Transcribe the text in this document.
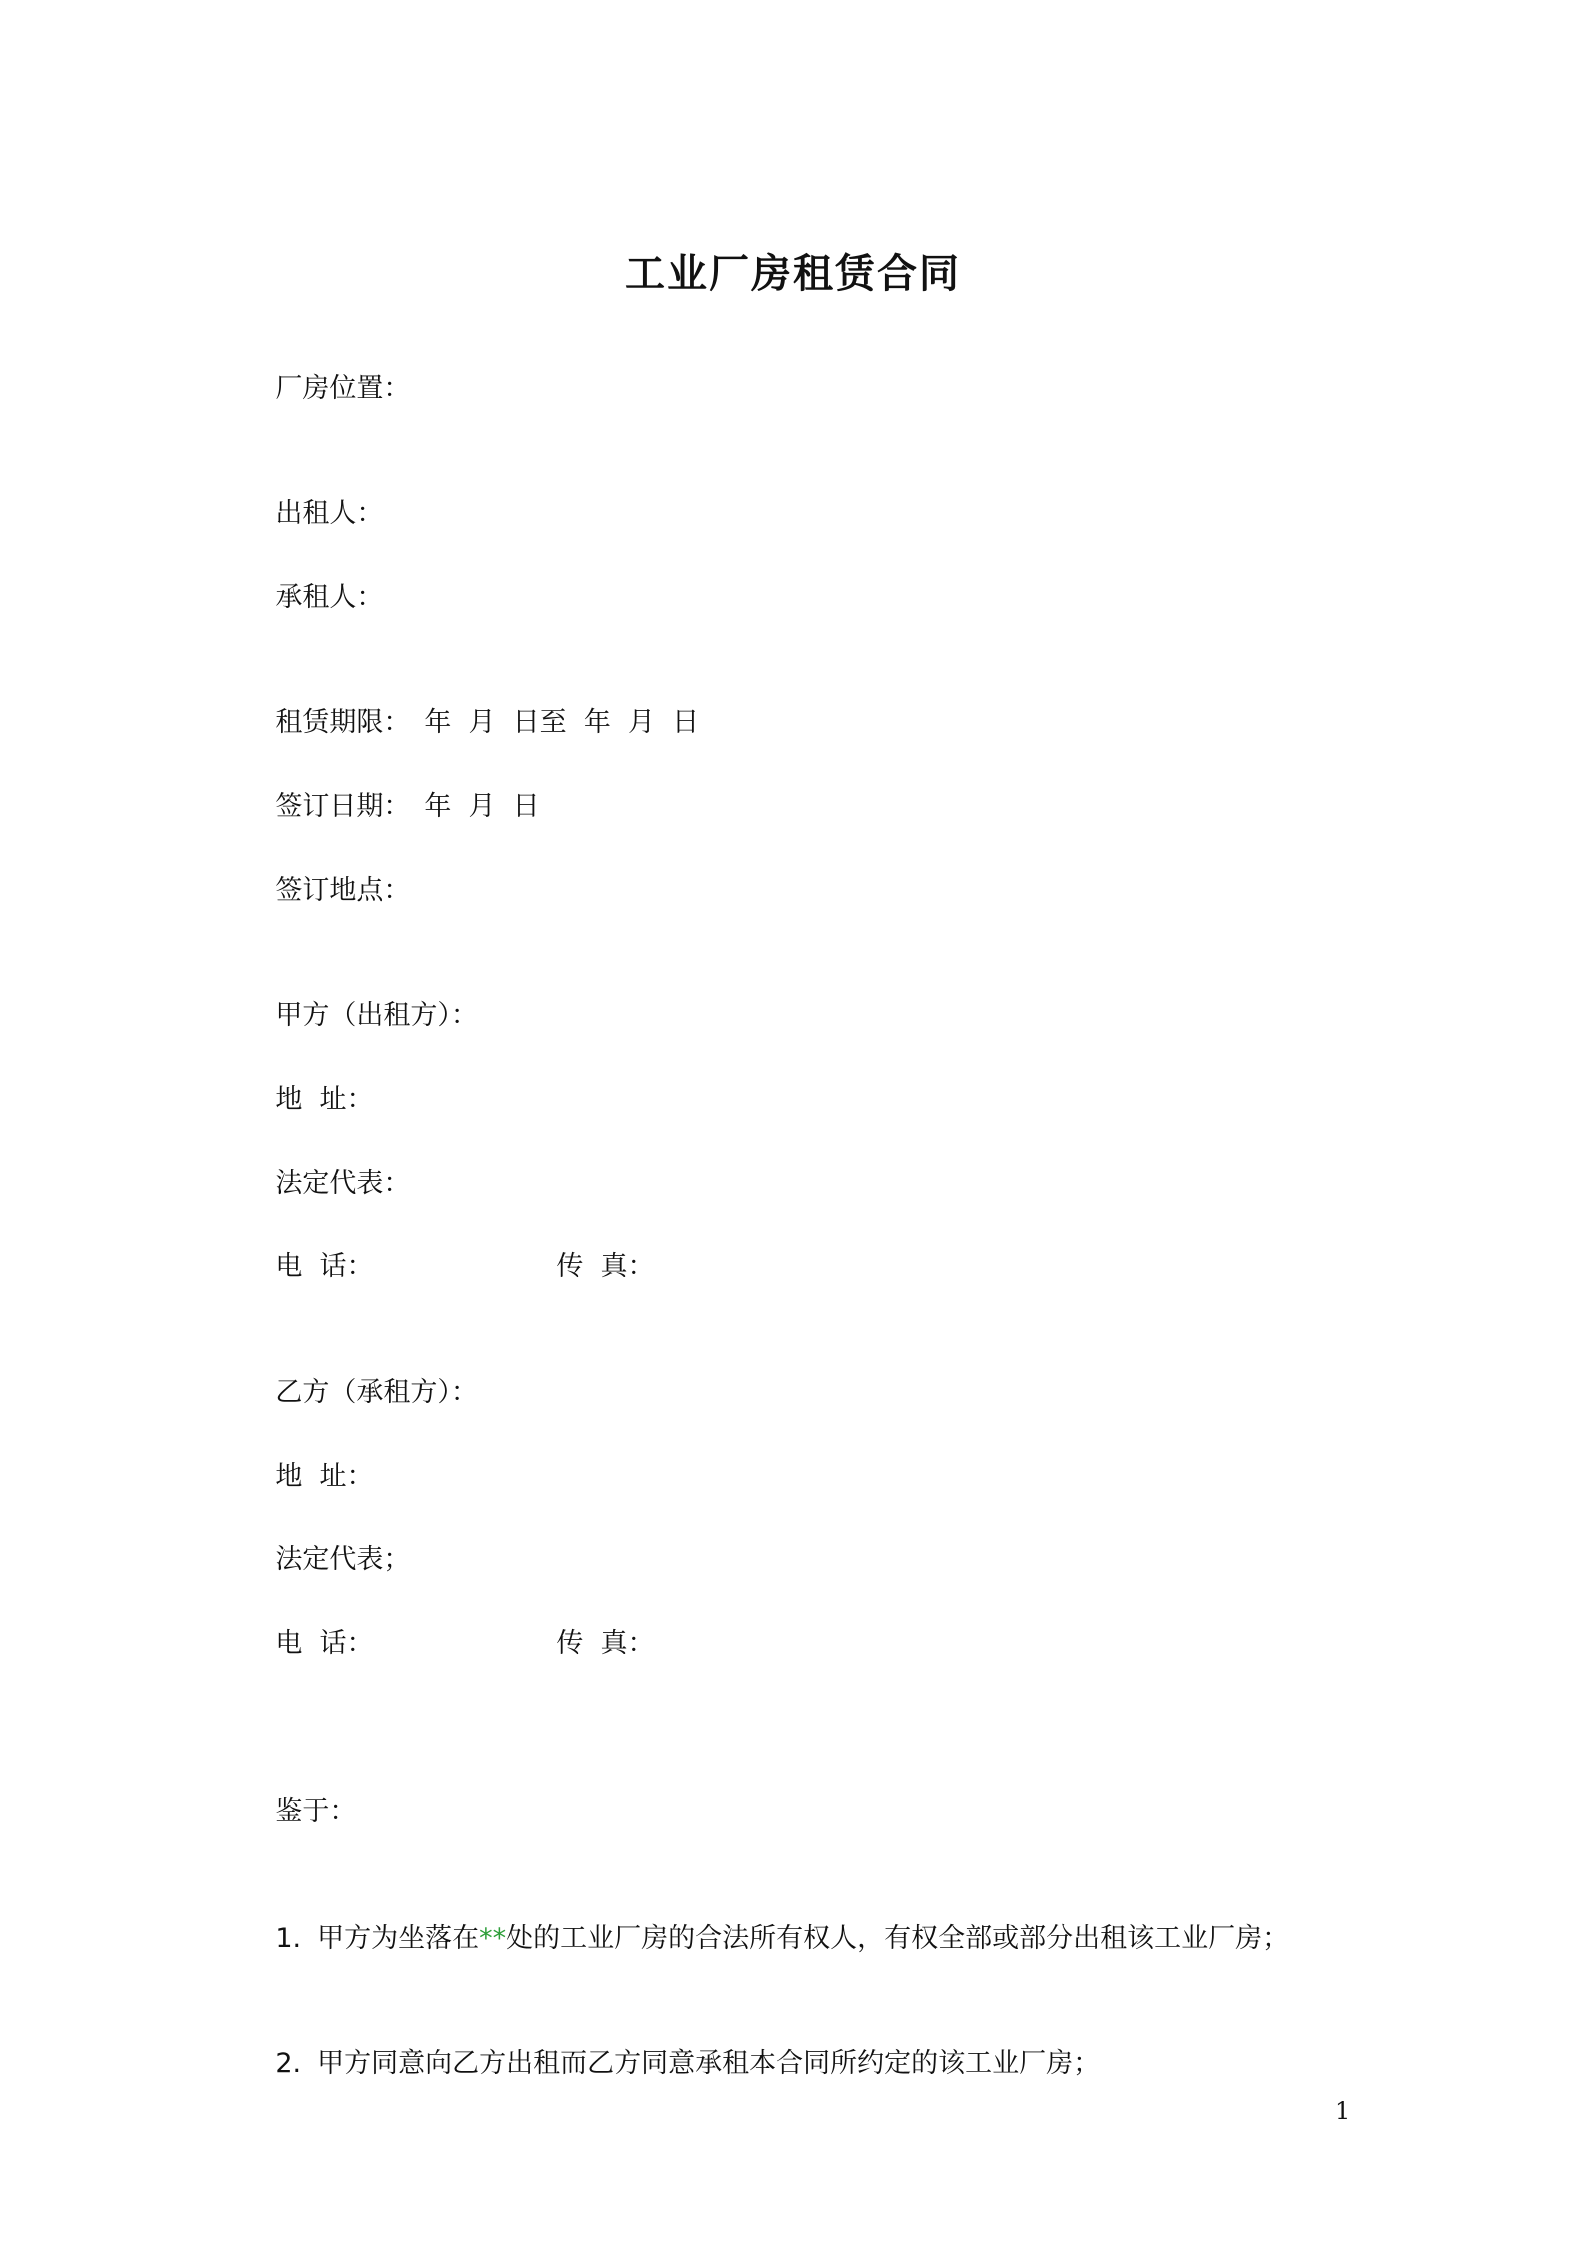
工业厂房租赁合同

厂房位置：

出租人：

承租人：

租赁期限： 年  月  日至  年  月  日

签订日期： 年  月  日

签订地点：

甲方（出租方）：

地  址：

法定代表：

电  话：
	传  真：

乙方（承租方）：

地  址：

法定代表；

电  话：
	传  真：

鉴于：

1. 甲方为坐落在**处的工业厂房的合法所有权人，有权全部或部分出租该工业厂房；

2. 甲方同意向乙方出租而乙方同意承租本合同所约定的该工业厂房；

1
